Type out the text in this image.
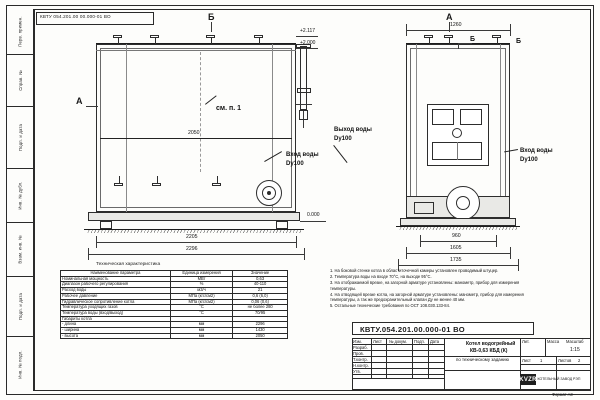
Перв. примен.
Справ. №
Подп. и дата
Инв. № дубл.
Взам. инв. №
Подп. и дата
Инв. № подл.
КВТУ 054.201.00 00.000-01 ВО	Б
+2.117
+2.000
см. п. 1
А
2050
0.000
2205
2296
Вход воды
Dy100
Выход воды
Dy100
А
1260
Б
960
1605
1735
Вход воды
Dy100
Б
Техническая характеристика
Наименование параметра	Единица измерения	Значение
Номинальная мощность	МВт	0,63
Диапазон рабочего регулирования	%	40-110
Расход воды	м3/ч	21
Рабочее давление	МПа (кгс/см2)	0,6 (6,0)
Гидравлическое сопротивление котла	МПа (кгс/см2)	0,06 (0,6)
Температура уходящих газов	°С	не более 280
Температура воды (вход/выход)	°С	70/95
Габариты котла		
- длина	мм	2296
- ширина	мм	1430
- высота	мм	2050
1. На боковой стенке котла в областиточечной камеры установлен проводимый штуцер.
2. Температура воды на входе 70°С, на выходе 95°С.
3. На отображаемой врезке, на загорной арматуре установлены: манометр, прибор для измерения температуры.
4. На отводящей врезке котла, на загорной арматуре установлены: манометр, прибор для измерения температуры, а так же предохранительный клапан Ду не менее 40 мм.
5. Остальные технические требования по ОСТ 108.030.133-84.
КВТУ.054.201.00.000-01 ВО
Изм.	Лист № докум. Подп. Дата
Разраб.
Пров.
Т.контр.
Н.контр.
Утв.
Котел водогрейный
КВ-0,63 КБД (К)
по техническому заданию
Лит.	Масса Масштаб
1:15
Лист 1	Листов 2
KVZR КОТЕЛЬНЫЙ ЗАВОД РЭП
Формат А3
